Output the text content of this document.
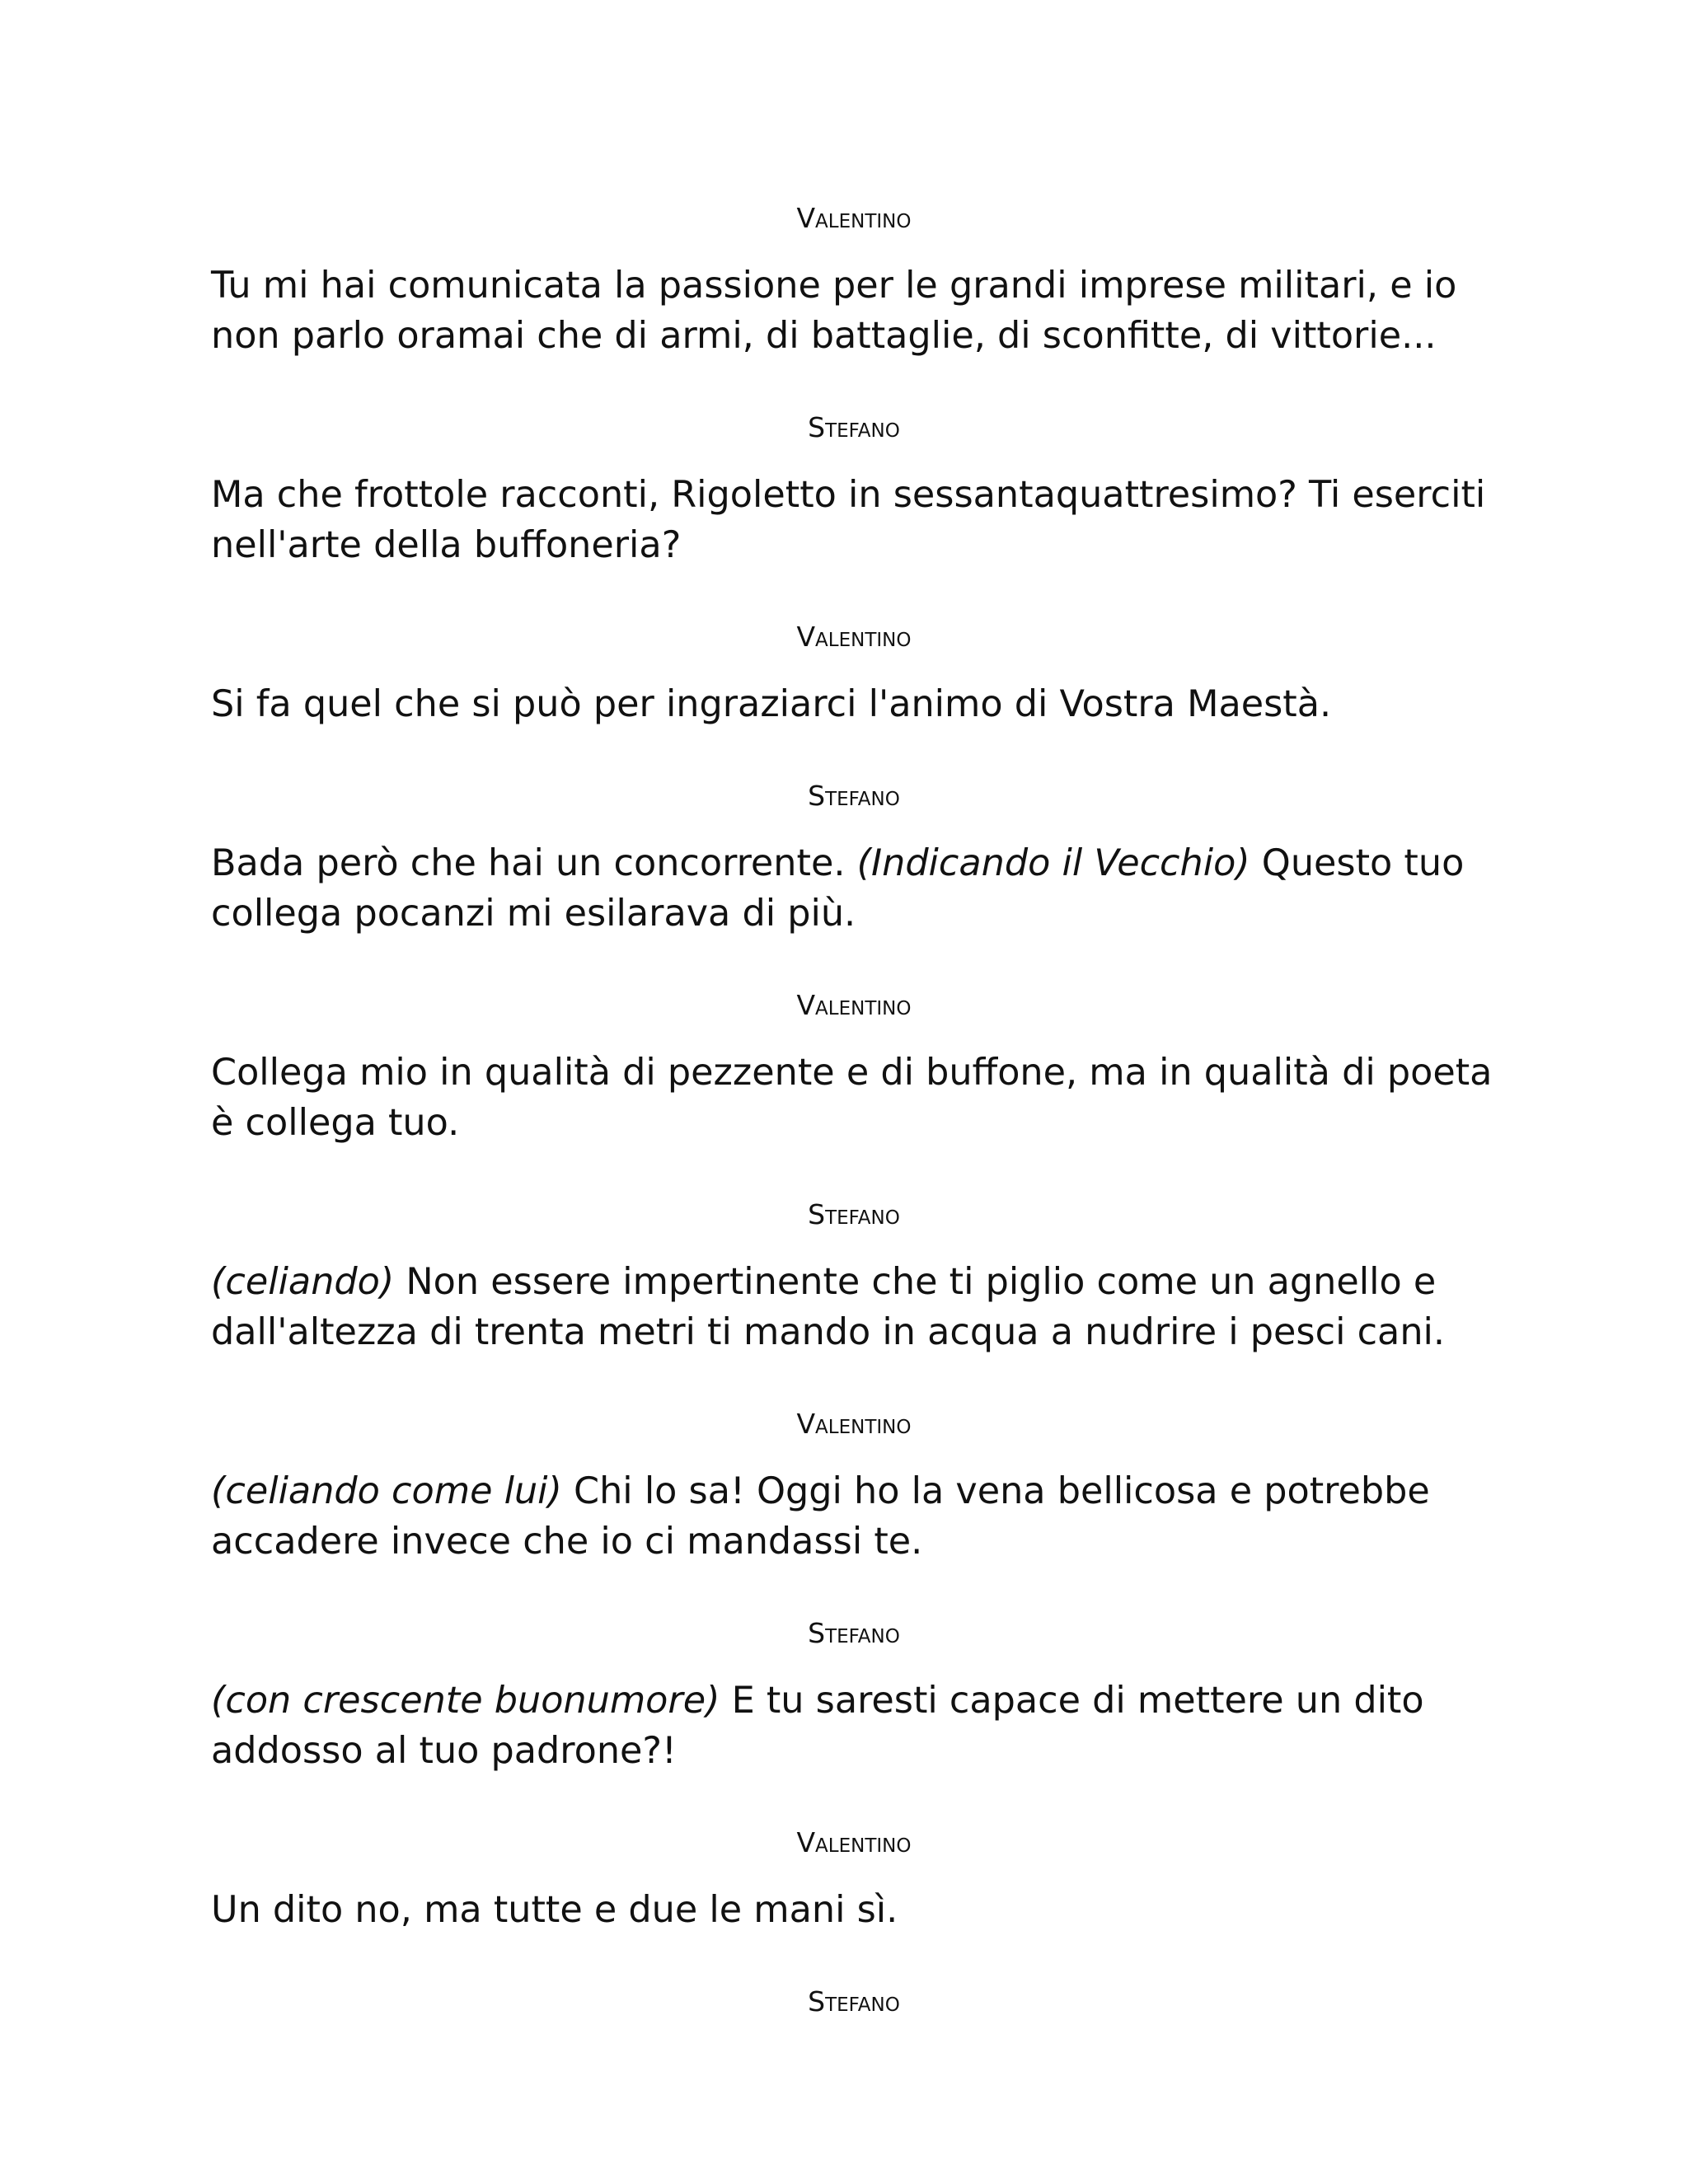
Valentino
Tu mi hai comunicata la passione per le grandi imprese militari, e io non parlo oramai che di armi, di battaglie, di sconfitte, di vittorie...
Stefano
Ma che frottole racconti, Rigoletto in sessantaquattresimo? Ti eserciti nell'arte della buffoneria?
Valentino
Si fa quel che si può per ingraziarci l'animo di Vostra Maestà.
Stefano
Bada però che hai un concorrente. (Indicando il Vecchio) Questo tuo collega pocanzi mi esilarava di più.
Valentino
Collega mio in qualità di pezzente e di buffone, ma in qualità di poeta è collega tuo.
Stefano
(celiando) Non essere impertinente che ti piglio come un agnello e dall'altezza di trenta metri ti mando in acqua a nudrire i pesci cani.
Valentino
(celiando come lui) Chi lo sa! Oggi ho la vena bellicosa e potrebbe accadere invece che io ci mandassi te.
Stefano
(con crescente buonumore) E tu saresti capace di mettere un dito addosso al tuo padrone?!
Valentino
Un dito no, ma tutte e due le mani sì.
Stefano
